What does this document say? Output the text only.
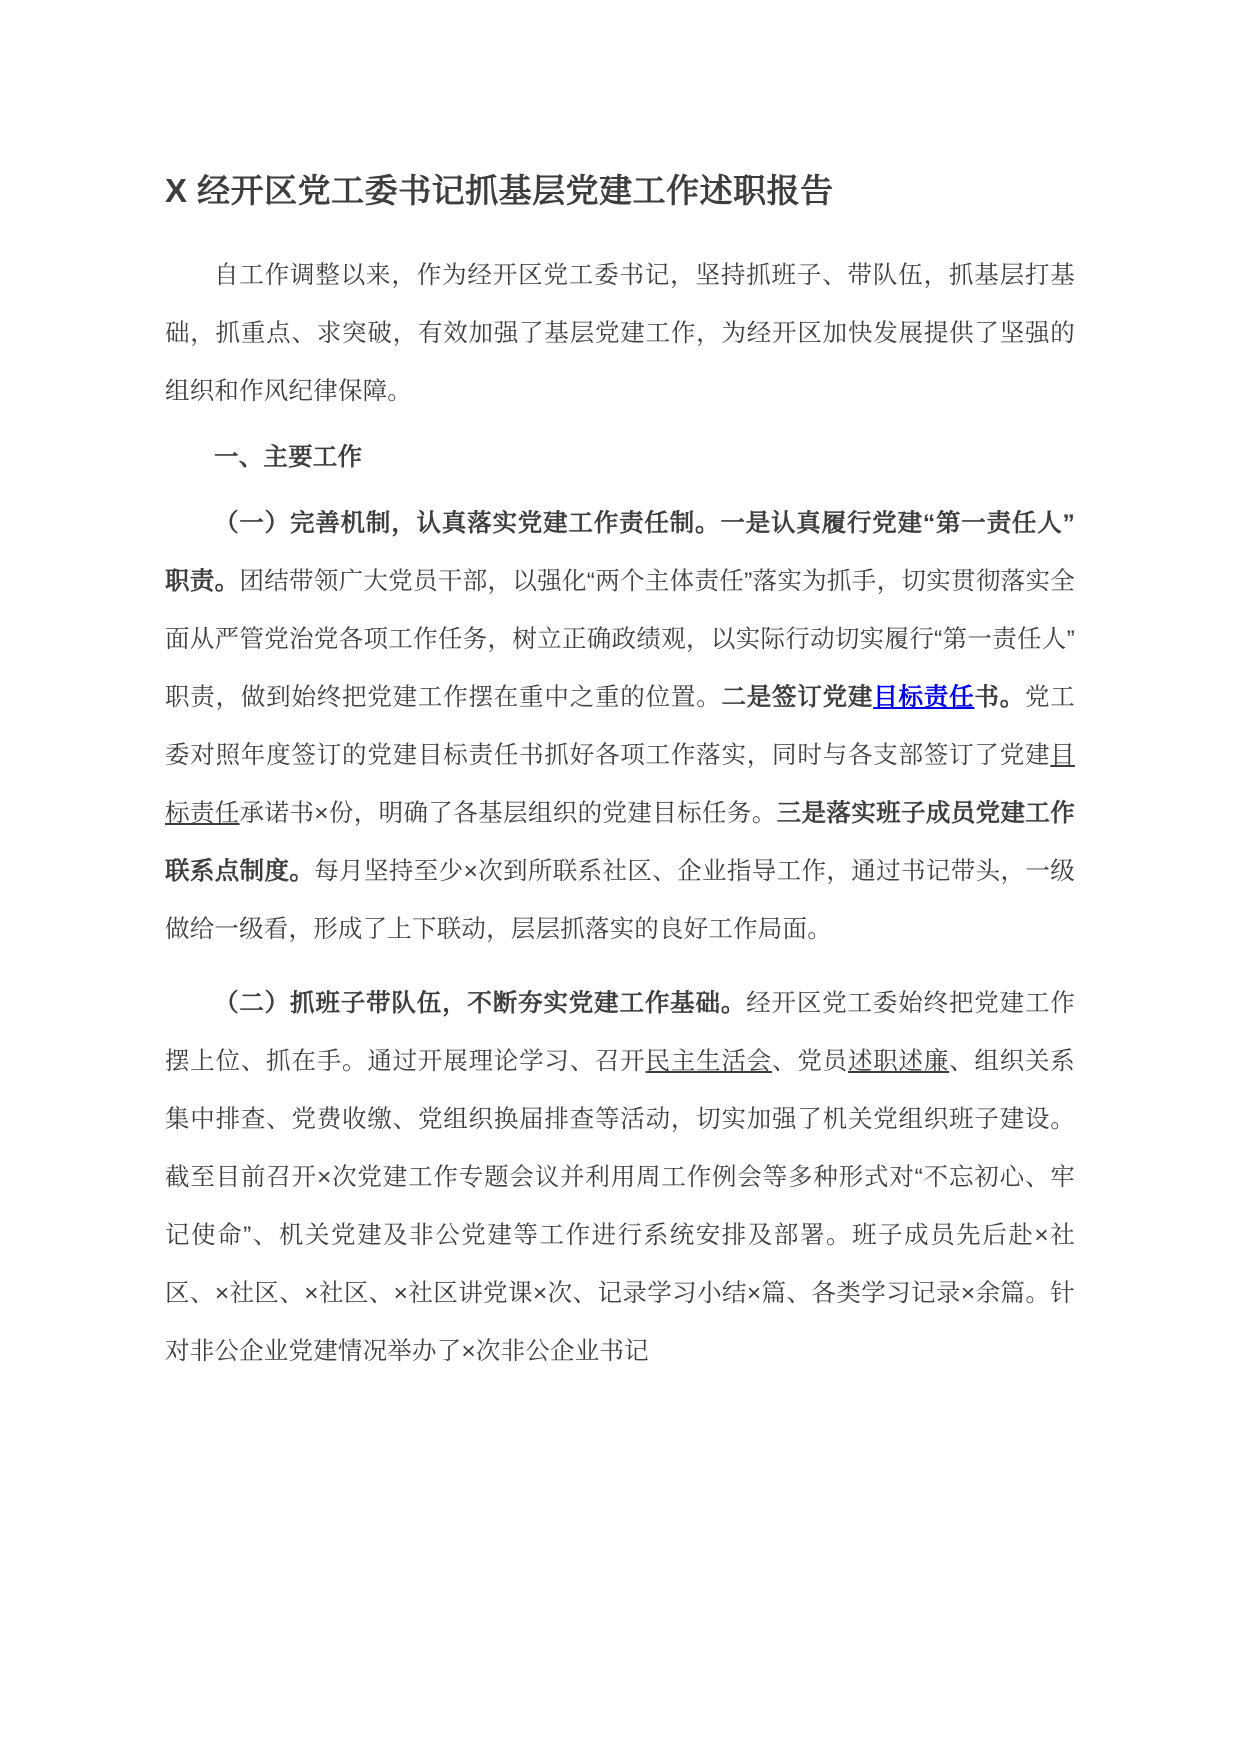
X 经开区党工委书记抓基层党建工作述职报告

自工作调整以来，作为经开区党工委书记，坚持抓班子、带队伍，抓基层打基础，抓重点、求突破，有效加强了基层党建工作，为经开区加快发展提供了坚强的组织和作风纪律保障。

一、主要工作

（一）完善机制，认真落实党建工作责任制。一是认真履行党建“第一责任人”职责。团结带领广大党员干部，以强化“两个主体责任”落实为抓手，切实贯彻落实全面从严管党治党各项工作任务，树立正确政绩观，以实际行动切实履行“第一责任人”职责，做到始终把党建工作摆在重中之重的位置。二是签订党建目标责任书。党工委对照年度签订的党建目标责任书抓好各项工作落实，同时与各支部签订了党建目标责任承诺书×份，明确了各基层组织的党建目标任务。三是落实班子成员党建工作联系点制度。每月坚持至少×次到所联系社区、企业指导工作，通过书记带头，一级做给一级看，形成了上下联动，层层抓落实的良好工作局面。

（二）抓班子带队伍，不断夯实党建工作基础。经开区党工委始终把党建工作摆上位、抓在手。通过开展理论学习、召开民主生活会、党员述职述廉、组织关系集中排查、党费收缴、党组织换届排查等活动，切实加强了机关党组织班子建设。截至目前召开×次党建工作专题会议并利用周工作例会等多种形式对“不忘初心、牢记使命”、机关党建及非公党建等工作进行系统安排及部署。班子成员先后赴×社区、×社区、×社区、×社区讲党课×次、记录学习小结×篇、各类学习记录×余篇。针对非公企业党建情况举办了×次非公企业书记
